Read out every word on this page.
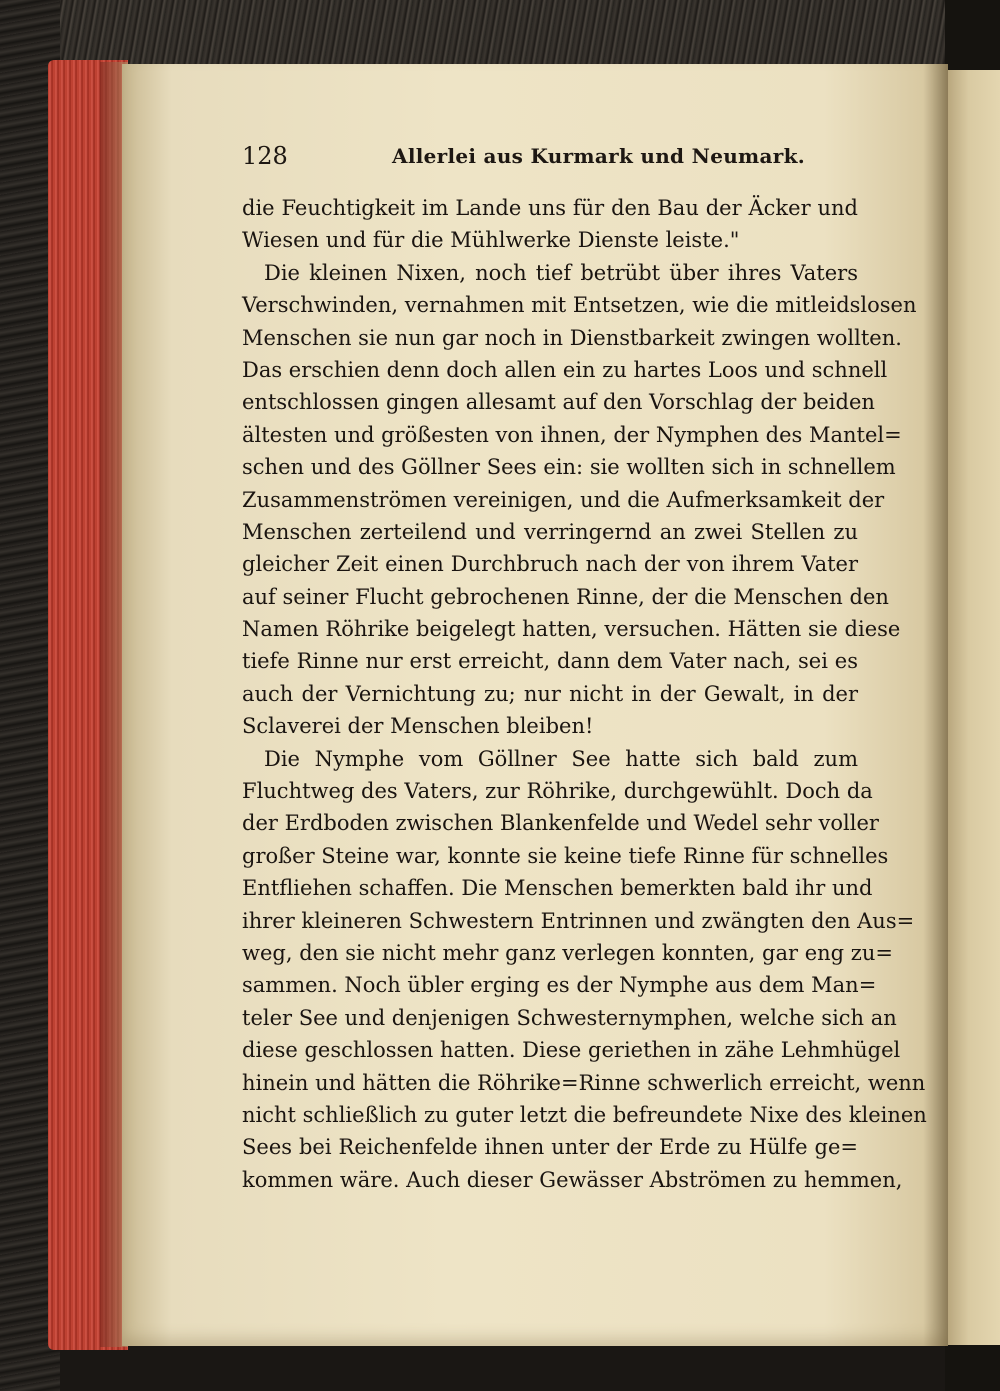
128	Allerlei aus Kurmark und Neumark.
die Feuchtigkeit im Lande uns für den Bau der Äcker und
Wiesen und für die Mühlwerke Dienste leiste."
Die kleinen Nixen, noch tief betrübt über ihres Vaters
Verschwinden, vernahmen mit Entsetzen, wie die mitleidslosen
Menschen sie nun gar noch in Dienstbarkeit zwingen wollten.
Das erschien denn doch allen ein zu hartes Loos und schnell
entschlossen gingen allesamt auf den Vorschlag der beiden
ältesten und größesten von ihnen, der Nymphen des Mantel=
schen und des Göllner Sees ein: sie wollten sich in schnellem
Zusammenströmen vereinigen, und die Aufmerksamkeit der
Menschen zerteilend und verringernd an zwei Stellen zu
gleicher Zeit einen Durchbruch nach der von ihrem Vater
auf seiner Flucht gebrochenen Rinne, der die Menschen den
Namen Röhrike beigelegt hatten, versuchen. Hätten sie diese
tiefe Rinne nur erst erreicht, dann dem Vater nach, sei es
auch der Vernichtung zu; nur nicht in der Gewalt, in der
Sclaverei der Menschen bleiben!
Die Nymphe vom Göllner See hatte sich bald zum
Fluchtweg des Vaters, zur Röhrike, durchgewühlt. Doch da
der Erdboden zwischen Blankenfelde und Wedel sehr voller
großer Steine war, konnte sie keine tiefe Rinne für schnelles
Entfliehen schaffen. Die Menschen bemerkten bald ihr und
ihrer kleineren Schwestern Entrinnen und zwängten den Aus=
weg, den sie nicht mehr ganz verlegen konnten, gar eng zu=
sammen. Noch übler erging es der Nymphe aus dem Man=
teler See und denjenigen Schwesternymphen, welche sich an
diese geschlossen hatten. Diese geriethen in zähe Lehmhügel
hinein und hätten die Röhrike=Rinne schwerlich erreicht, wenn
nicht schließlich zu guter letzt die befreundete Nixe des kleinen
Sees bei Reichenfelde ihnen unter der Erde zu Hülfe ge=
kommen wäre. Auch dieser Gewässer Abströmen zu hemmen,
